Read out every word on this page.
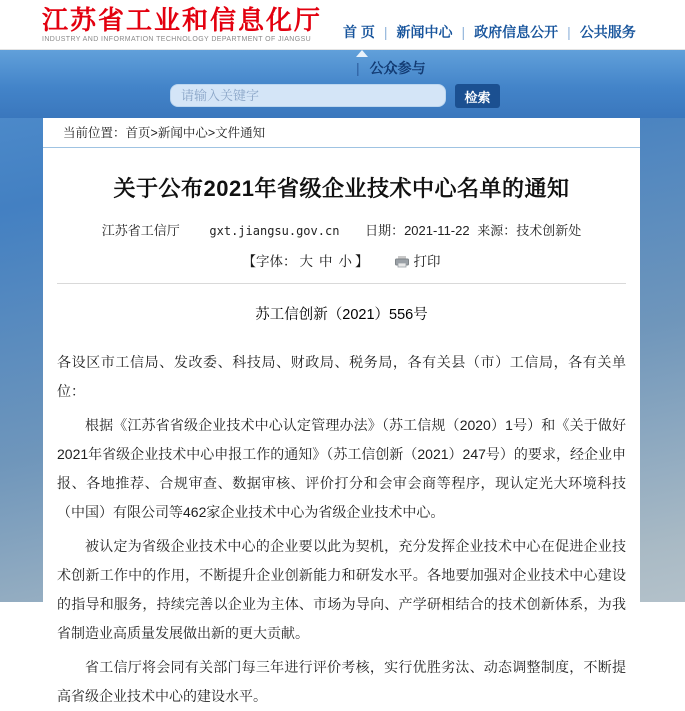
江苏省工业和信息化厅
INDUSTRY AND INFORMATION TECHNOLOGY DEPARTMENT OF JIANGSU	首 页 | 新闻中心 | 政府信息公开 | 公共服务
| 公众参与
请输入关键字
检索
当前位置：首页>新闻中心>文件通知
关于公布2021年省级企业技术中心名单的通知
江苏省工信厅 gxt.jiangsu.gov.cn 日期：2021-11-22 来源：技术创新处
【字体： 大 中 小 】	打印
苏工信创新（2021）556号

各设区市工信局、发改委、科技局、财政局、税务局，各有关县（市）工信局，各有关单位：

根据《江苏省省级企业技术中心认定管理办法》（苏工信规（2020）1号）和《关于做好2021年省级企业技术中心申报工作的通知》（苏工信创新（2021）247号）的要求，经企业申报、各地推荐、合规审查、数据审核、评价打分和会审会商等程序，现认定光大环境科技（中国）有限公司等462家企业技术中心为省级企业技术中心。

被认定为省级企业技术中心的企业要以此为契机，充分发挥企业技术中心在促进企业技术创新工作中的作用，不断提升企业创新能力和研发水平。各地要加强对企业技术中心建设的指导和服务，持续完善以企业为主体、市场为导向、产学研相结合的技术创新体系，为我省制造业高质量发展做出新的更大贡献。

省工信厅将会同有关部门每三年进行评价考核，实行优胜劣汰、动态调整制度，不断提高省级企业技术中心的建设水平。
